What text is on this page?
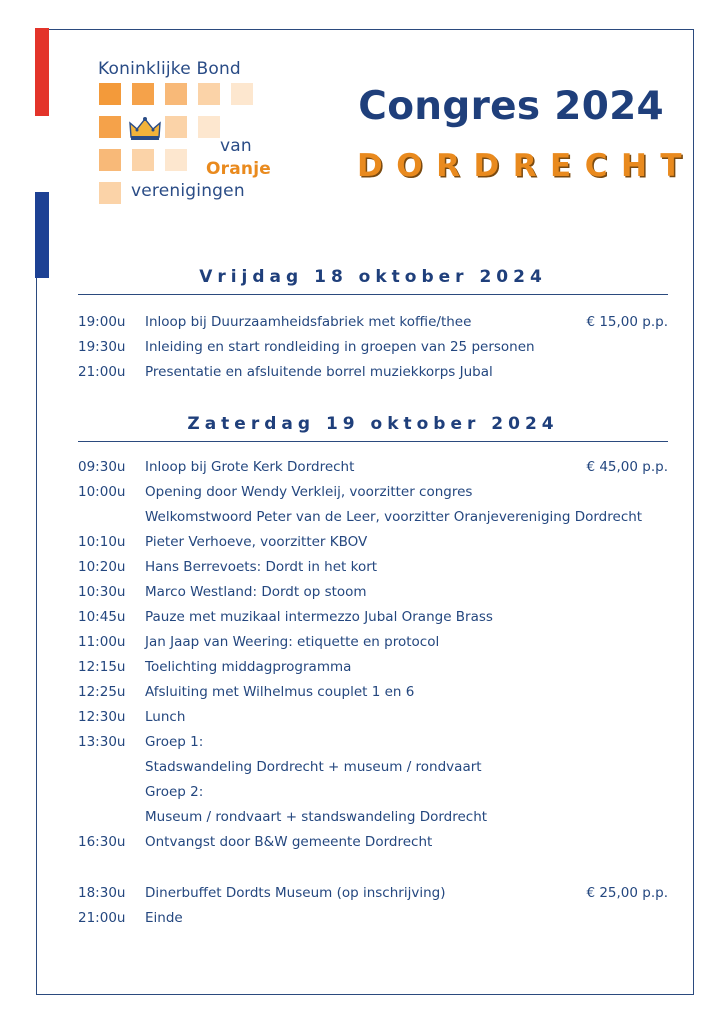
Koninklijke Bond
van
Oranje
verenigingen
Congres 2024
DORDRECHT
Vrijdag 18 oktober 2024
19:00u Inloop bij Duurzaamheidsfabriek met koffie/thee	€ 15,00 p.p.
19:30u Inleiding en start rondleiding in groepen van 25 personen
21:00u Presentatie en afsluitende borrel muziekkorps Jubal
Zaterdag 19 oktober 2024
09:30u Inloop bij Grote Kerk Dordrecht	€ 45,00 p.p.
10:00u Opening door Wendy Verkleij, voorzitter congres
Welkomstwoord Peter van de Leer, voorzitter Oranjevereniging Dordrecht
10:10u Pieter Verhoeve, voorzitter KBOV
10:20u Hans Berrevoets: Dordt in het kort
10:30u Marco Westland: Dordt op stoom
10:45u Pauze met muzikaal intermezzo Jubal Orange Brass
11:00u Jan Jaap van Weering: etiquette en protocol
12:15u Toelichting middagprogramma
12:25u Afsluiting met Wilhelmus couplet 1 en 6
12:30u Lunch
13:30u Groep 1:
Stadswandeling Dordrecht + museum / rondvaart
Groep 2:
Museum / rondvaart + standswandeling Dordrecht
16:30u Ontvangst door B&W gemeente Dordrecht
18:30u Dinerbuffet Dordts Museum (op inschrijving)	€ 25,00 p.p.
21:00u Einde
